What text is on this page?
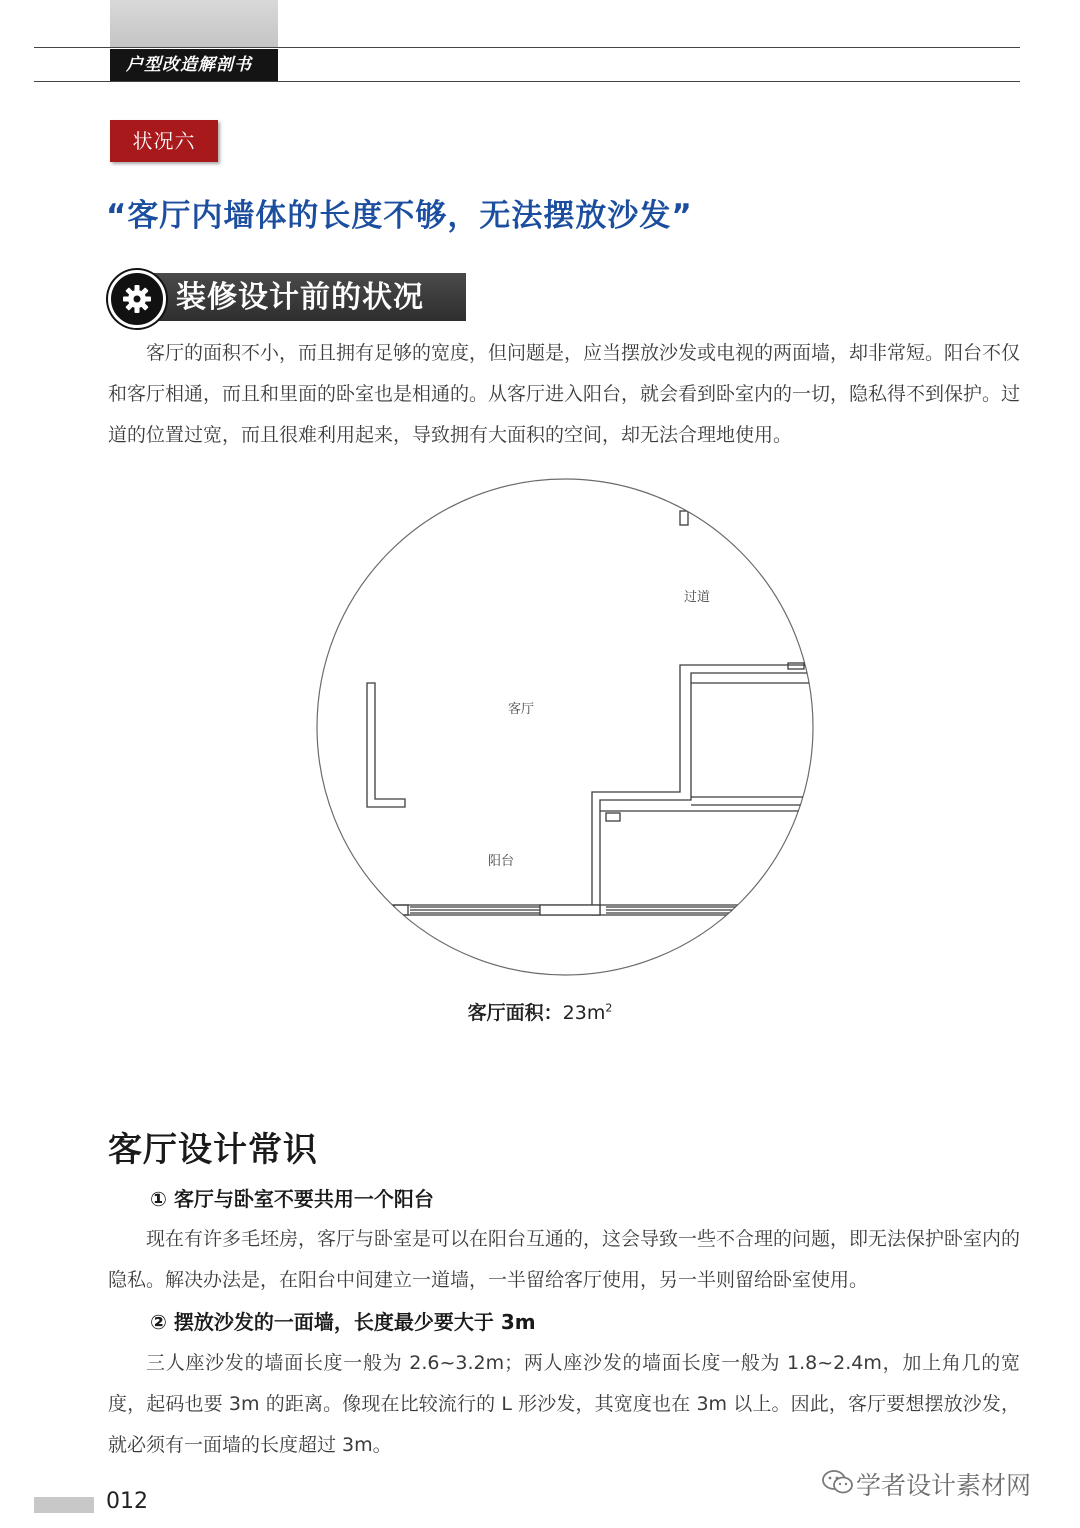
户型改造解剖书
状况六
“客厅内墙体的长度不够，无法摆放沙发”
装修设计前的状况
客厅的面积不小，而且拥有足够的宽度，但问题是，应当摆放沙发或电视的两面墙，却非常短。阳台不仅和客厅相通，而且和里面的卧室也是相通的。从客厅进入阳台，就会看到卧室内的一切，隐私得不到保护。过道的位置过宽，而且很难利用起来，导致拥有大面积的空间，却无法合理地使用。
过道
客厅
阳台
客厅面积：$23m^2$
客厅设计常识
① 客厅与卧室不要共用一个阳台
现在有许多毛坯房，客厅与卧室是可以在阳台互通的，这会导致一些不合理的问题，即无法保护卧室内的隐私。解决办法是，在阳台中间建立一道墙，一半留给客厅使用，另一半则留给卧室使用。
② 摆放沙发的一面墙，长度最少要大于 3m
三人座沙发的墙面长度一般为 2.6~3.2m；两人座沙发的墙面长度一般为 1.8~2.4m，加上角几的宽度，起码也要 3m 的距离。像现在比较流行的 L 形沙发，其宽度也在 3m 以上。因此，客厅要想摆放沙发，就必须有一面墙的长度超过 3m。
012
学者设计素材网
